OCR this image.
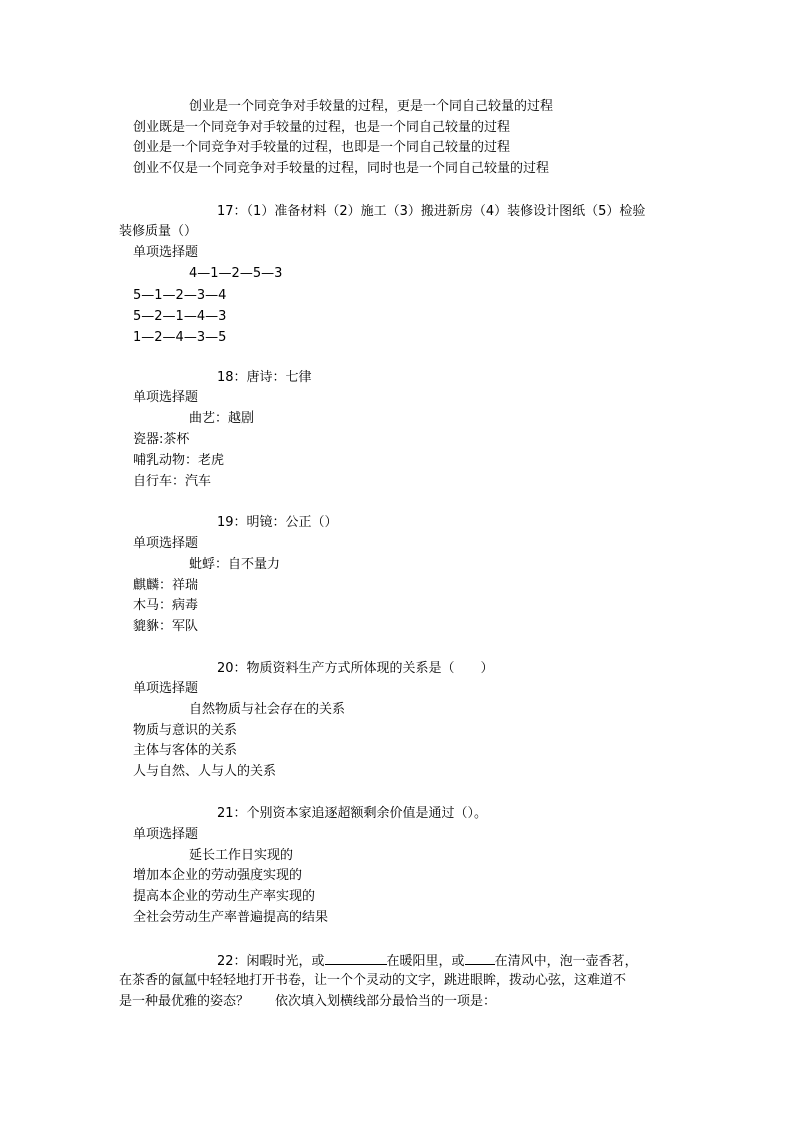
创业是一个同竞争对手较量的过程，更是一个同自己较量的过程
创业既是一个同竞争对手较量的过程，也是一个同自己较量的过程
创业是一个同竞争对手较量的过程，也即是一个同自己较量的过程
创业不仅是一个同竞争对手较量的过程，同时也是一个同自己较量的过程
17：（1）准备材料（2）施工（3）搬进新房（4）装修设计图纸（5）检验
装修质量（）
单项选择题
4—1—2—5—3
5—1—2—3—4
5—2—1—4—3
1—2—4—3—5
18：唐诗：七律
单项选择题
曲艺：越剧
瓷器:茶杯
哺乳动物：老虎
自行车：汽车
19：明镜：公正（）
单项选择题
蚍蜉：自不量力
麒麟：祥瑞
木马：病毒
貔貅：军队
20：物质资料生产方式所体现的关系是（　　）
单项选择题
自然物质与社会存在的关系
物质与意识的关系
主体与客体的关系
人与自然、人与人的关系
21：个别资本家追逐超额剩余价值是通过（）。
单项选择题
延长工作日实现的
增加本企业的劳动强度实现的
提高本企业的劳动生产率实现的
全社会劳动生产率普遍提高的结果
22：闲暇时光，或	在暖阳里，或 在清风中，泡一壶香茗，
在茶香的氤氲中轻轻地打开书卷，让一个个灵动的文字，跳进眼眸，拨动心弦，这难道不
是一种最优雅的姿态？　　依次填入划横线部分最恰当的一项是：
